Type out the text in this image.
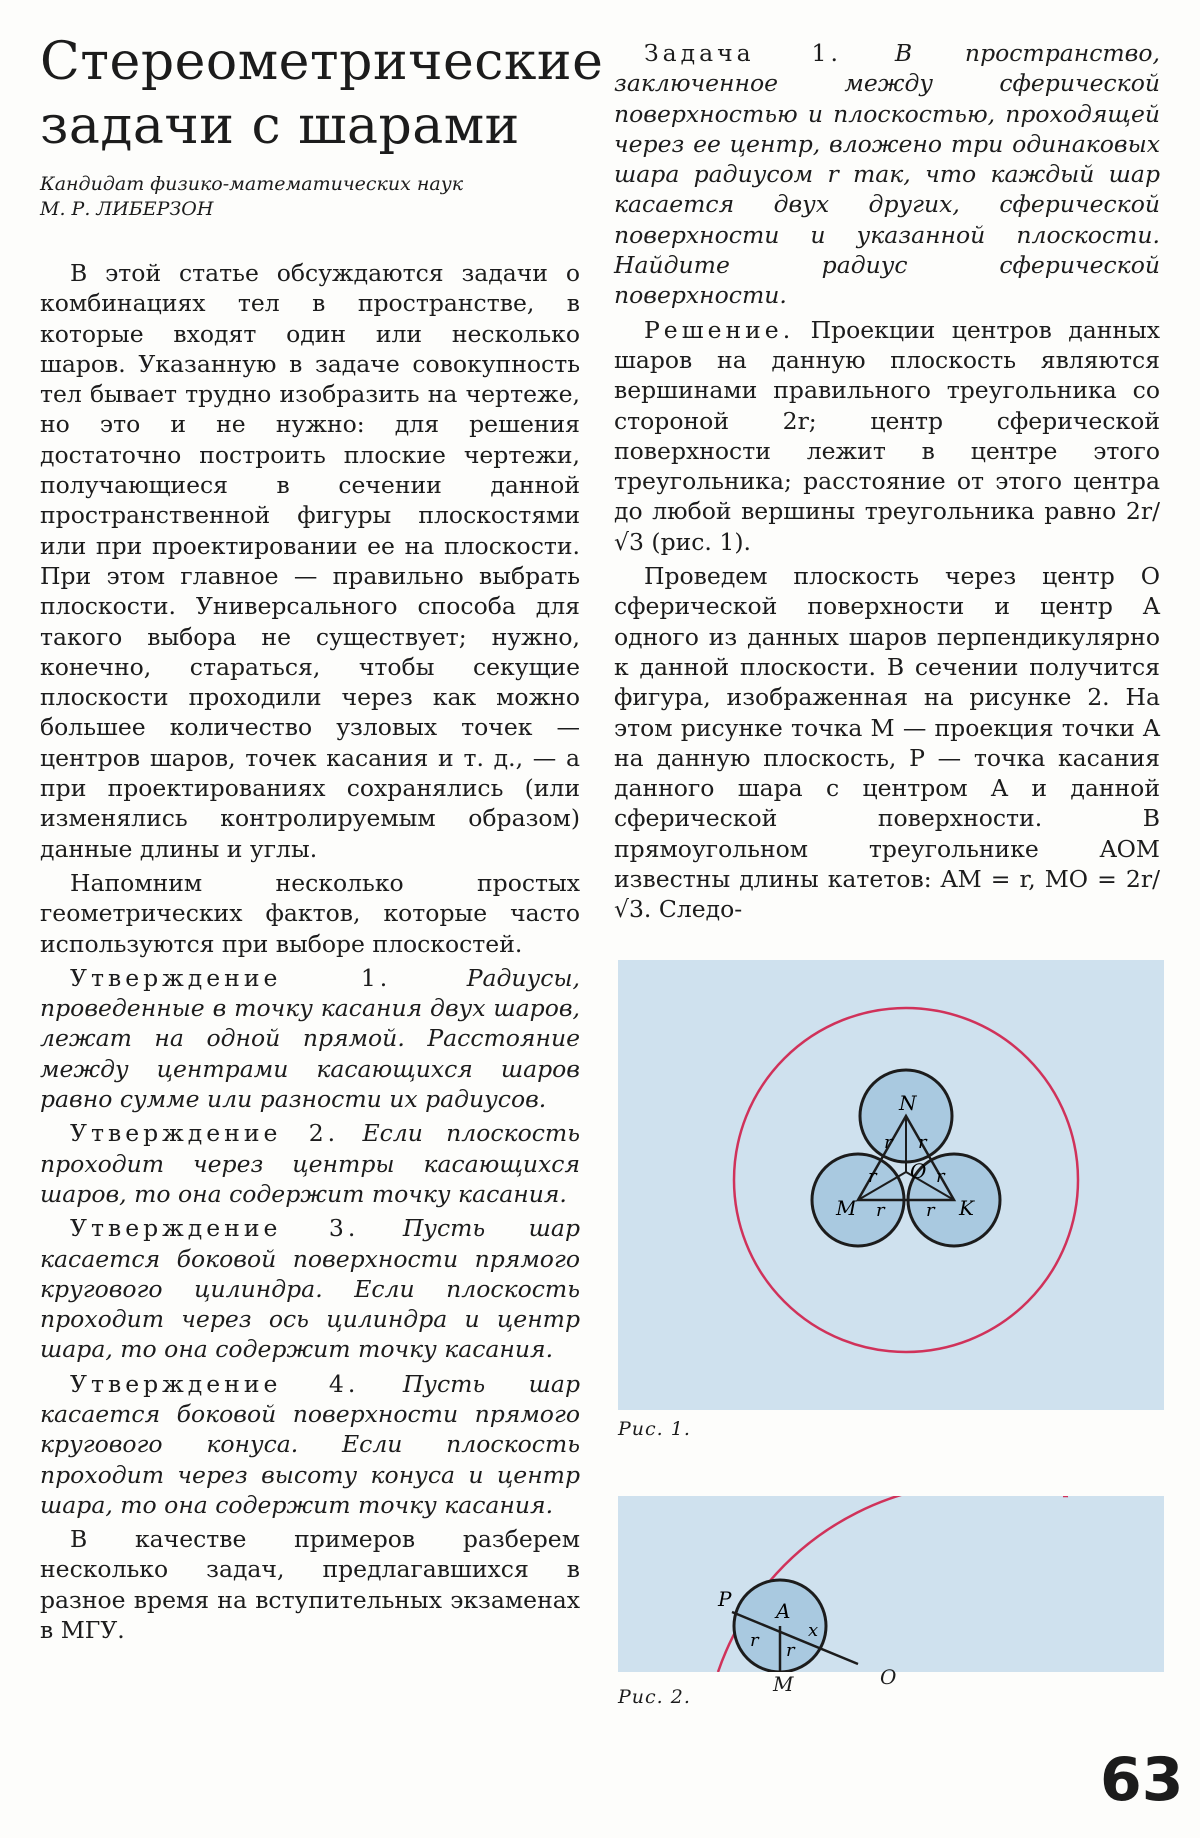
Стереометрические
задачи с шарами
Кандидат физико-математических наук
М. Р. ЛИБЕРЗОН

В этой статье обсуждаются задачи о комбинациях тел в пространстве, в которые входят один или несколько шаров. Указанную в задаче совокупность тел бывает трудно изобразить на чертеже, но это и не нужно: для решения достаточно построить плоские чертежи, получающиеся в сечении данной пространственной фигуры плоскостями или при проектировании ее на плоскости. При этом главное — правильно выбрать плоскости. Универсального способа для такого выбора не существует; нужно, конечно, стараться, чтобы секущие плоскости проходили через как можно большее количество узловых точек — центров шаров, точек касания и т. д., — а при проектированиях сохранялись (или изменялись контролируемым образом) данные длины и углы.

Напомним несколько простых геометрических фактов, которые часто используются при выборе плоскостей.

Утверждение 1.	Радиусы, проведенные в точку касания двух шаров, лежат на одной прямой. Расстояние между центрами касающихся шаров равно сумме или разности их радиусов.

Утверждение 2. Если плоскость проходит через центры касающихся шаров, то она содержит точку касания.

Утверждение 3. Пусть шар касается боковой поверхности прямого кругового цилиндра. Если плоскость проходит через ось цилиндра и центр шара, то она содержит точку касания.

Утверждение 4. Пусть шар касается боковой поверхности прямого кругового конуса. Если плоскость проходит через высоту конуса и центр шара, то она содержит точку касания.

В качестве примеров разберем несколько задач, предлагавшихся в разное время на вступительных экзаменах в МГУ.

Задача 1. В пространство, заключенное между сферической поверхностью и плоскостью, проходящей через ее центр, вложено три одинаковых шара радиусом r так, что каждый шар касается двух других, сферической поверхности и указанной плоскости. Найдите радиус сферической поверхности.

Решение. Проекции центров данных шаров на данную плоскость являются вершинами правильного треугольника со стороной 2r; центр сферической поверхности лежит в центре этого треугольника; расстояние от этого центра до любой вершины треугольника равно 2r/√3 (рис. 1).

Проведем плоскость через центр O сферической поверхности и центр A одного из данных шаров перпендикулярно к данной плоскости. В сечении получится фигура, изображенная на рисунке 2. На этом рисунке точка M — проекция точки A на данную плоскость, P — точка касания данного шара с центром A и данной сферической поверхности. В прямоугольном треугольнике AOM известны длины катетов: AM = r, MO = 2r/√3. Следо-

N
M	K
O
r r
r	r
r r
Рис. 1.
P A
r r
x
Рис. 2.
M	O
63
